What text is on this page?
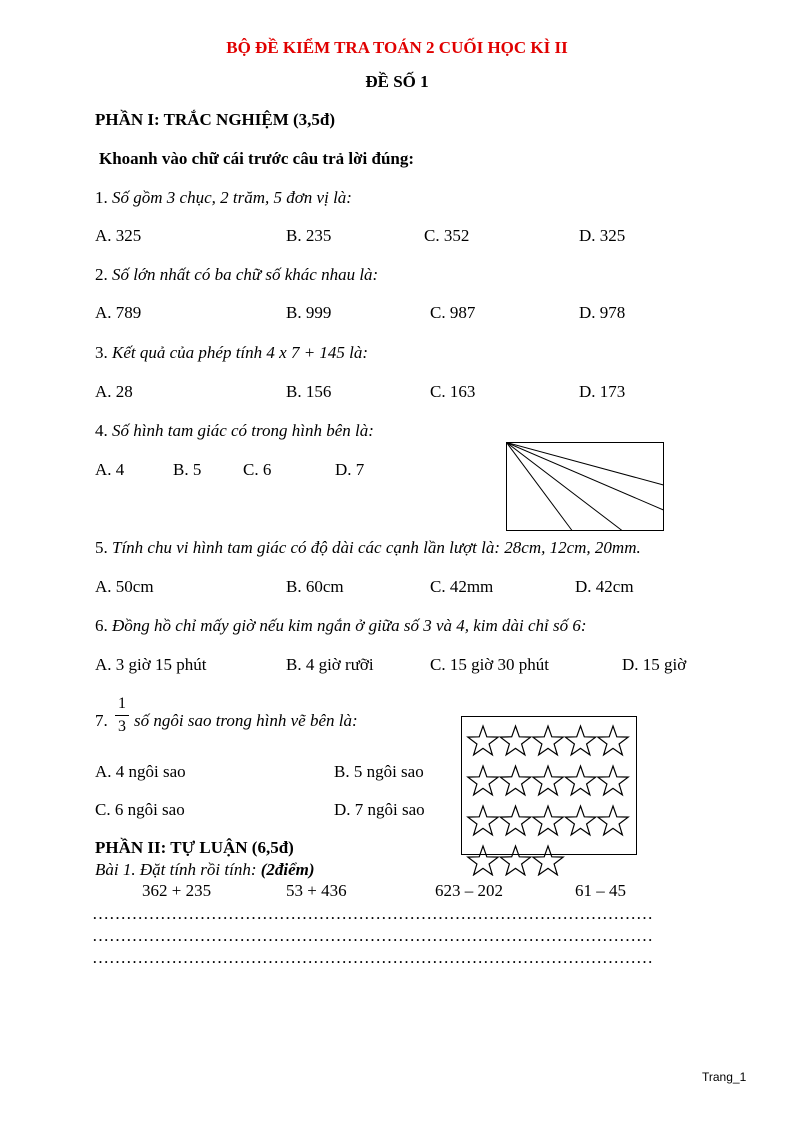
BỘ ĐỀ KIỂM TRA TOÁN 2 CUỐI HỌC KÌ II
ĐỀ SỐ 1
PHẦN I: TRẮC NGHIỆM (3,5đ)
Khoanh vào chữ cái trước câu trả lời đúng:
1. Số gồm 3 chục, 2 trăm, 5 đơn vị là:
A. 325	B. 235	C. 352	D. 325
2. Số lớn nhất có ba chữ số khác nhau là:
A. 789	B. 999	C. 987	D. 978
3. Kết quả của phép tính 4 x 7 + 145 là:
A. 28	B. 156	C. 163	D. 173
4. Số hình tam giác có trong hình bên là:
A. 4	B. 5 C. 6	D. 7
5. Tính chu vi hình tam giác có độ dài các cạnh lần lượt là: 28cm, 12cm, 20mm.
A. 50cm	B. 60cm	C. 42mm	D. 42cm
6. Đồng hồ chỉ mấy giờ nếu kim ngắn ở giữa số 3 và 4, kim dài chỉ số 6:
A. 3 giờ 15 phút	B. 4 giờ rưỡi	C. 15 giờ 30 phút	D. 15 giờ
7.
1
3 số ngôi sao trong hình vẽ bên là:
A. 4 ngôi sao	B. 5 ngôi sao
C. 6 ngôi sao	D. 7 ngôi sao
PHẦN II: TỰ LUẬN (6,5đ)
Bài 1. Đặt tính rồi tính: (2điểm)
362 + 235	53 + 436	623 – 202	61 – 45
………………………………………………………………………………………
………………………………………………………………………………………
………………………………………………………………………………………
Trang_1
